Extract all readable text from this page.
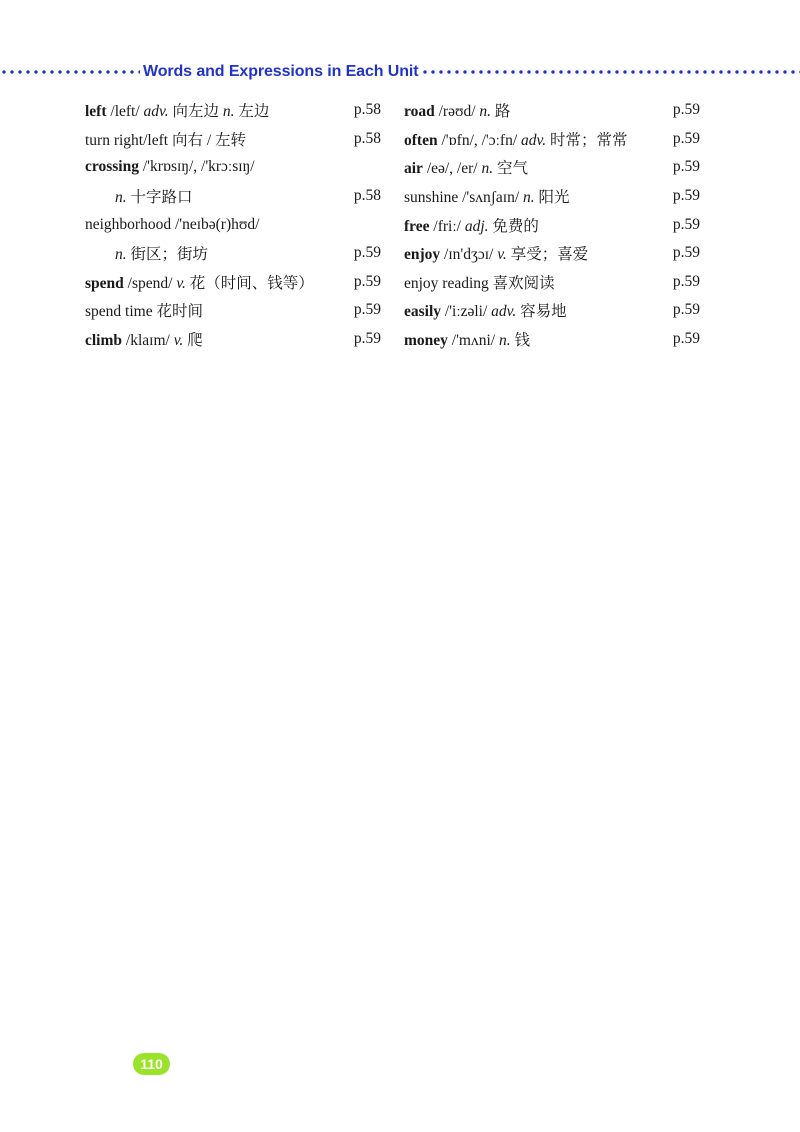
Words and Expressions in Each Unit
left /left/ adv. 向左边 n. 左边	p.58
turn right/left 向右 / 左转	p.58
crossing /'krɒsɪŋ/, /'krɔːsɪŋ/
n. 十字路口	p.58
neighborhood /'neɪbə(r)hʊd/
n. 街区；街坊	p.59
spend /spend/ v. 花（时间、钱等）	p.59
spend time 花时间	p.59
climb /klaɪm/ v. 爬	p.59
road /rəʊd/ n. 路	p.59
often /'ɒfn/, /'ɔːfn/ adv. 时常；常常	p.59
air /eə/, /er/ n. 空气	p.59
sunshine /'sʌnʃaɪn/ n. 阳光	p.59
free /friː/ adj. 免费的	p.59
enjoy /ɪn'dʒɔɪ/ v. 享受；喜爱	p.59
enjoy reading 喜欢阅读	p.59
easily /'iːzəli/ adv. 容易地	p.59
money /'mʌni/ n. 钱	p.59
110
